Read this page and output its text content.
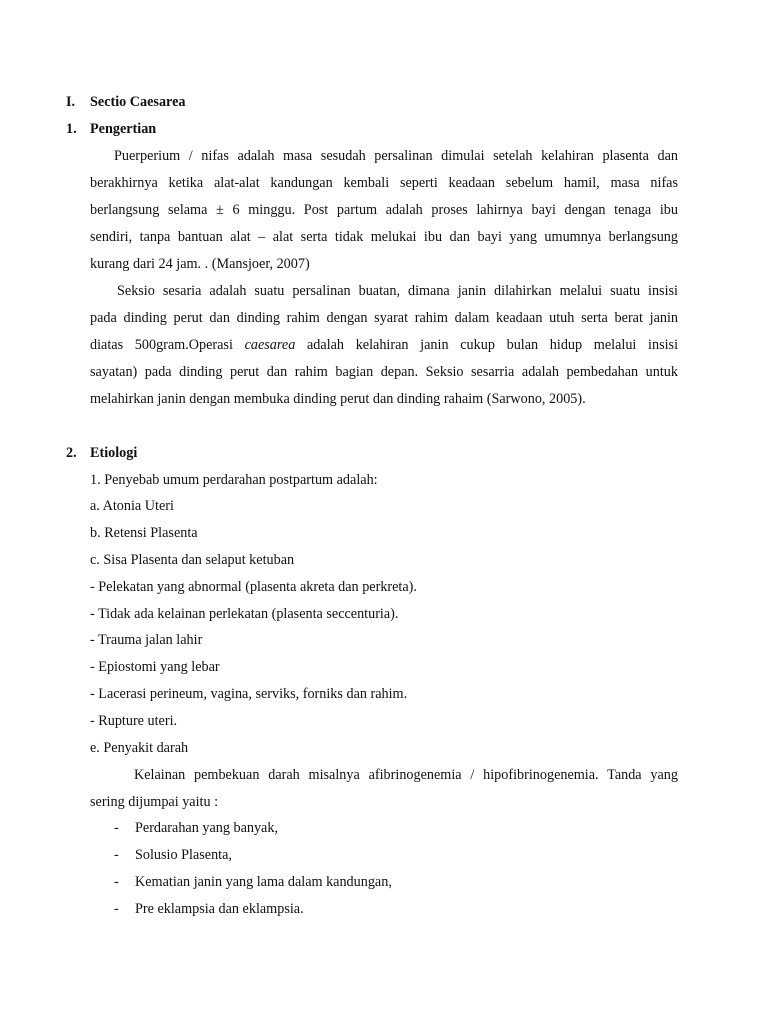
I. Sectio Caesarea
1. Pengertian
Puerperium / nifas adalah masa sesudah persalinan dimulai setelah kelahiran plasenta dan
berakhirnya ketika alat-alat kandungan kembali seperti keadaan sebelum hamil, masa nifas
berlangsung selama ± 6 minggu. Post partum adalah proses lahirnya bayi dengan tenaga ibu
sendiri, tanpa bantuan alat – alat serta tidak melukai ibu dan bayi yang umumnya berlangsung
kurang dari 24 jam. . (Mansjoer, 2007)
Seksio sesaria adalah suatu persalinan buatan, dimana janin dilahirkan melalui suatu insisi
pada dinding perut dan dinding rahim dengan syarat rahim dalam keadaan utuh serta berat janin
diatas 500gram.Operasi caesarea adalah kelahiran janin cukup bulan hidup melalui insisi
sayatan) pada dinding perut dan rahim bagian depan. Seksio sesarria adalah pembedahan untuk
melahirkan janin dengan membuka dinding perut dan dinding rahaim (Sarwono, 2005).
2. Etiologi
1. Penyebab umum perdarahan postpartum adalah:
a. Atonia Uteri
b. Retensi Plasenta
c. Sisa Plasenta dan selaput ketuban
- Pelekatan yang abnormal (plasenta akreta dan perkreta).
- Tidak ada kelainan perlekatan (plasenta seccenturia).
- Trauma jalan lahir
- Epiostomi yang lebar
- Lacerasi perineum, vagina, serviks, forniks dan rahim.
- Rupture uteri.
e. Penyakit darah
Kelainan pembekuan darah misalnya afibrinogenemia / hipofibrinogenemia. Tanda yang
sering dijumpai yaitu :
- Perdarahan yang banyak,
- Solusio Plasenta,
- Kematian janin yang lama dalam kandungan,
- Pre eklampsia dan eklampsia.
